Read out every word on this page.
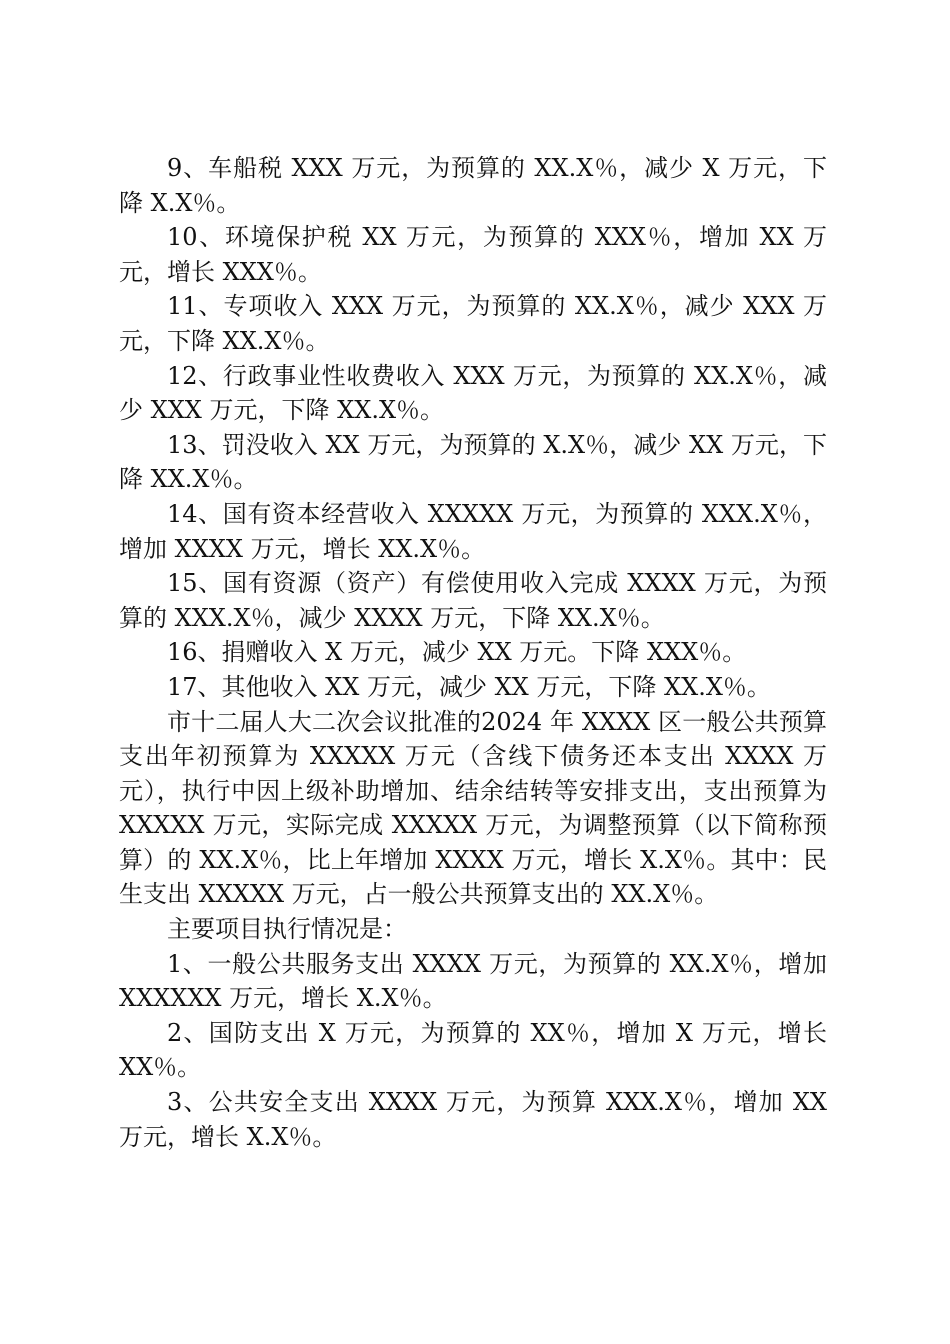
9、车船税 XXX 万元，为预算的 XX.X％，减少 X 万元，下降 X.X％。

10、环境保护税 XX 万元，为预算的 XXX％，增加 XX 万元，增长 XXX％。

11、专项收入 XXX 万元，为预算的 XX.X％，减少 XXX 万元，下降 XX.X％。

12、行政事业性收费收入 XXX 万元，为预算的 XX.X％，减少 XXX 万元，下降 XX.X％。

13、罚没收入 XX 万元，为预算的 X.X％，减少 XX 万元，下降 XX.X％。

14、国有资本经营收入 XXXXX 万元，为预算的 XXX.X％，增加 XXXX 万元，增长 XX.X％。

15、国有资源（资产）有偿使用收入完成 XXXX 万元，为预算的 XXX.X％，减少 XXXX 万元，下降 XX.X％。

16、捐赠收入 X 万元，减少 XX 万元。下降 XXX％。

17、其他收入 XX 万元，减少 XX 万元，下降 XX.X％。

市十二届人大二次会议批准的2024 年 XXXX 区一般公共预算支出年初预算为 XXXXX 万元（含线下债务还本支出 XXXX 万元），执行中因上级补助增加、结余结转等安排支出，支出预算为 XXXXX 万元，实际完成 XXXXX 万元，为调整预算（以下简称预算）的 XX.X％，比上年增加 XXXX 万元，增长 X.X％。其中：民生支出 XXXXX 万元，占一般公共预算支出的 XX.X％。

主要项目执行情况是：

1、一般公共服务支出 XXXX 万元，为预算的 XX.X％，增加 XXXXXX 万元，增长 X.X％。

2、国防支出 X 万元，为预算的 XX％，增加 X 万元，增长 XX％。

3、公共安全支出 XXXX 万元，为预算 XXX.X％，增加 XX 万元，增长 X.X％。
